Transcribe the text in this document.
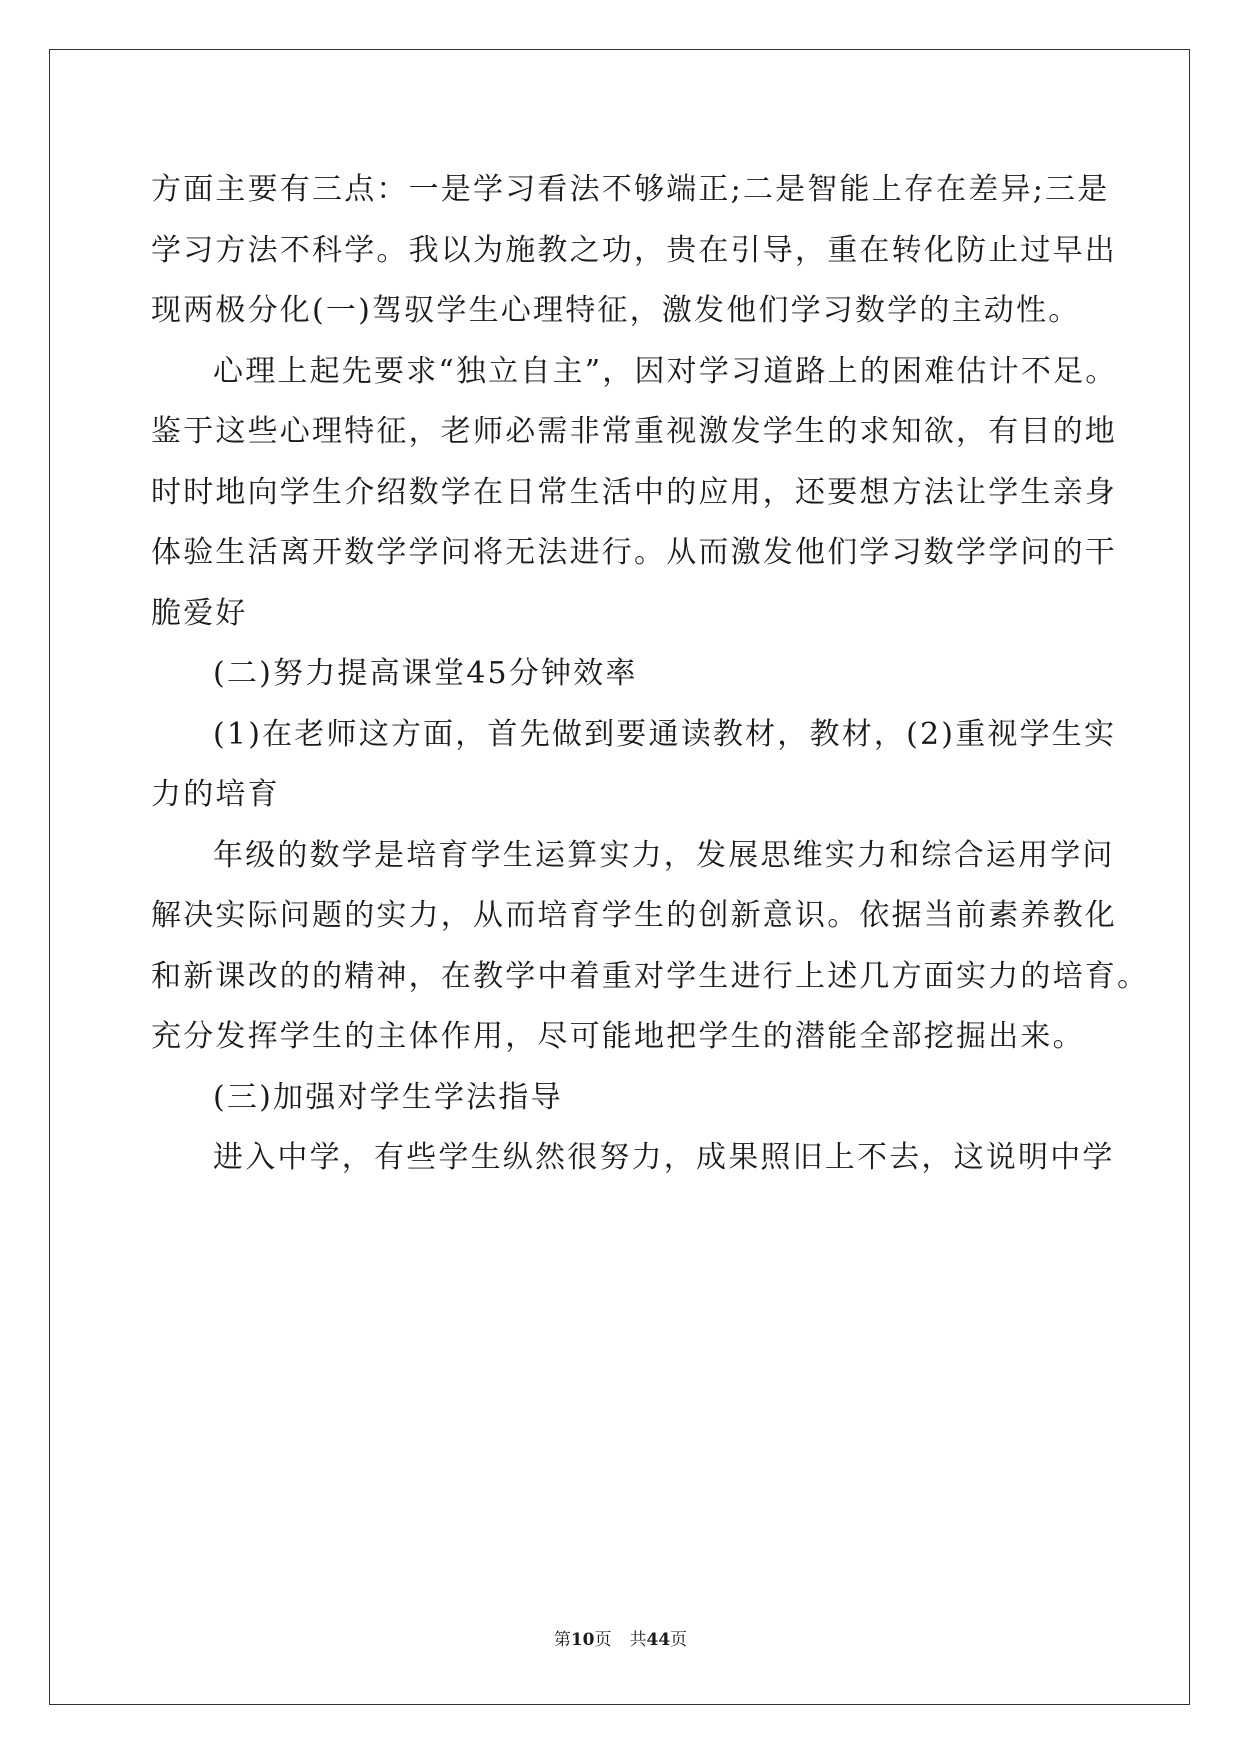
方面主要有三点：一是学习看法不够端正;二是智能上存在差异;三是
学习方法不科学。我以为施教之功，贵在引导，重在转化防止过早出
现两极分化(一)驾驭学生心理特征，激发他们学习数学的主动性。
心理上起先要求“独立自主”，因对学习道路上的困难估计不足。
鉴于这些心理特征，老师必需非常重视激发学生的求知欲，有目的地
时时地向学生介绍数学在日常生活中的应用，还要想方法让学生亲身
体验生活离开数学学问将无法进行。从而激发他们学习数学学问的干
脆爱好
(二)努力提高课堂45分钟效率
(1)在老师这方面，首先做到要通读教材，教材，(2)重视学生实
力的培育
年级的数学是培育学生运算实力，发展思维实力和综合运用学问
解决实际问题的实力，从而培育学生的创新意识。依据当前素养教化
和新课改的的精神，在教学中着重对学生进行上述几方面实力的培育。
充分发挥学生的主体作用，尽可能地把学生的潜能全部挖掘出来。
(三)加强对学生学法指导
进入中学，有些学生纵然很努力，成果照旧上不去，这说明中学
第10页 共44页
